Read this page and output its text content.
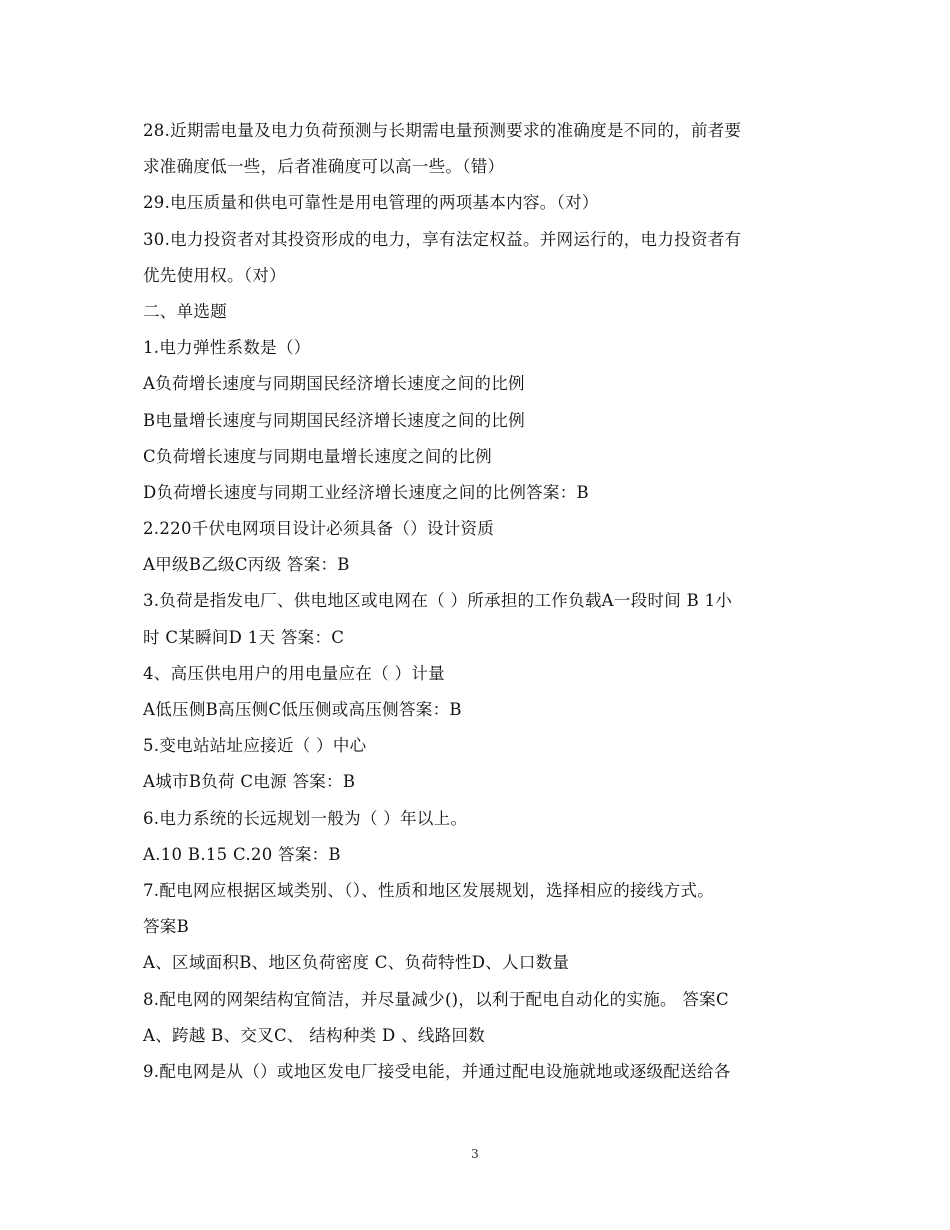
28.近期需电量及电力负荷预测与长期需电量预测要求的准确度是不同的，前者要
求准确度低一些，后者准确度可以高一些。（错）
29.电压质量和供电可靠性是用电管理的两项基本内容。（对）
30.电力投资者对其投资形成的电力，享有法定权益。并网运行的，电力投资者有
优先使用权。（对）
二、单选题
1.电力弹性系数是（）
A负荷增长速度与同期国民经济增长速度之间的比例
B电量增长速度与同期国民经济增长速度之间的比例
C负荷增长速度与同期电量增长速度之间的比例
D负荷增长速度与同期工业经济增长速度之间的比例答案：B
2.220千伏电网项目设计必须具备（）设计资质
A甲级B乙级C丙级 答案：B
3.负荷是指发电厂、供电地区或电网在（ ）所承担的工作负载A一段时间 B 1小
时 C某瞬间D 1天 答案：C
4、高压供电用户的用电量应在（ ）计量
A低压侧B高压侧C低压侧或高压侧答案：B
5.变电站站址应接近（ ）中心
A城市B负荷 C电源 答案：B
6.电力系统的长远规划一般为（ ）年以上。
A.10 B.15 C.20 答案：B
7.配电网应根据区域类别、（）、性质和地区发展规划，选择相应的接线方式。
答案B
A、区域面积B、地区负荷密度 C、负荷特性D、人口数量
8.配电网的网架结构宜简洁，并尽量减少()，以利于配电自动化的实施。 答案C
A、跨越 B、交叉C、 结构种类 D 、线路回数
9.配电网是从（）或地区发电厂接受电能，并通过配电设施就地或逐级配送给各
3
